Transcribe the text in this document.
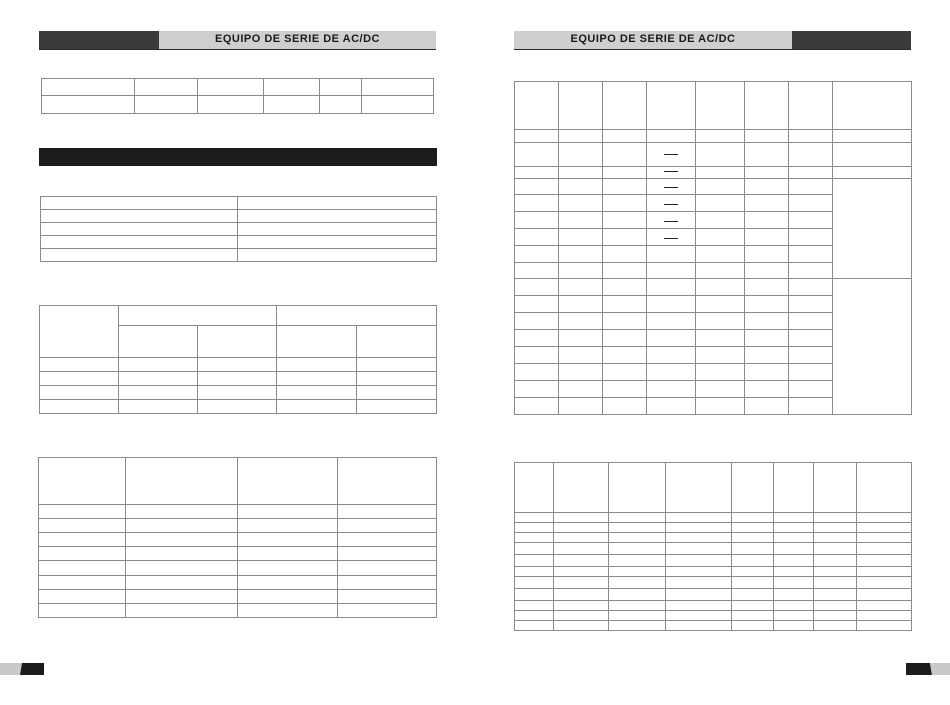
EQUIPO DE SERIE DE AC/DC	EQUIPO DE SERIE DE AC/DC
